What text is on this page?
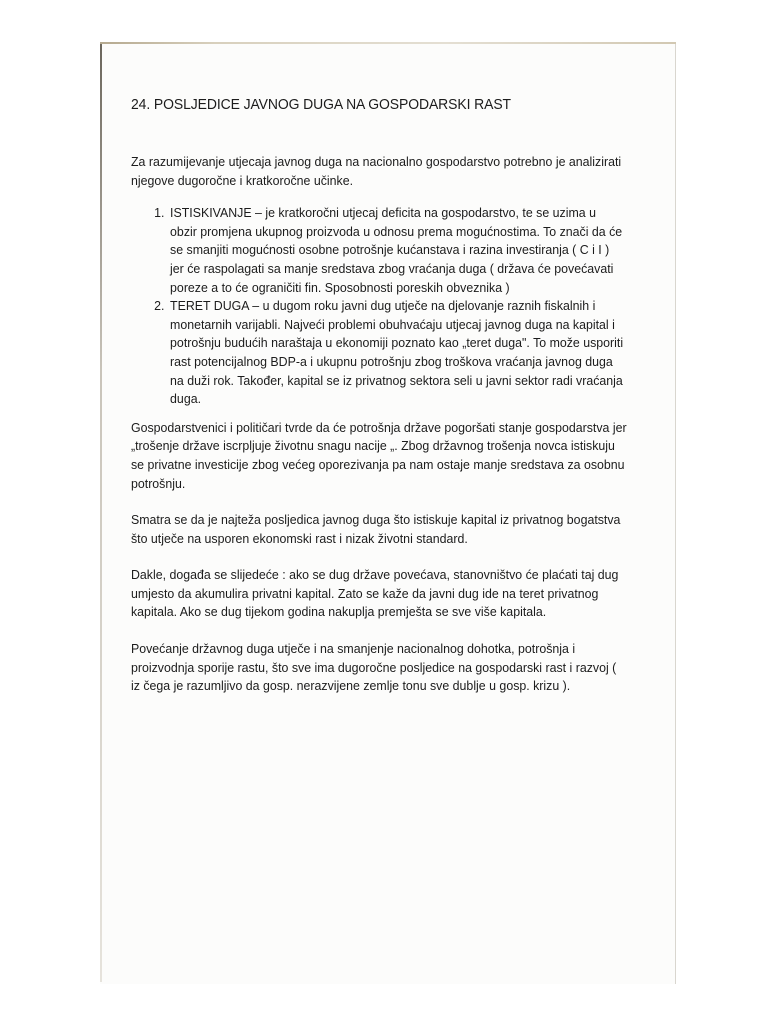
24. POSLJEDICE JAVNOG DUGA NA GOSPODARSKI RAST

Za razumijevanje utjecaja javnog duga na nacionalno gospodarstvo potrebno je analizirati njegove dugoročne i kratkoročne učinke.

1. ISTISKIVANJE – je kratkoročni utjecaj deficita na gospodarstvo, te se uzima u obzir promjena ukupnog proizvoda u odnosu prema mogućnostima. To znači da će se smanjiti mogućnosti osobne potrošnje kućanstava i razina investiranja ( C i I ) jer će raspolagati sa manje sredstava zbog vraćanja duga ( država će povećavati poreze a to će ograničiti fin. Sposobnosti poreskih obveznika )
2. TERET DUGA – u dugom roku javni dug utječe na djelovanje raznih fiskalnih i monetarnih varijabli. Najveći problemi obuhvaćaju utjecaj javnog duga na kapital i potrošnju budućih naraštaja u ekonomiji poznato kao „teret duga". To može usporiti rast potencijalnog BDP-a i ukupnu potrošnju zbog troškova vraćanja javnog duga na duži rok. Također, kapital se iz privatnog sektora seli u javni sektor radi vraćanja duga.

Gospodarstvenici i političari tvrde da će potrošnja države pogoršati stanje gospodarstva jer „trošenje države iscrpljuje životnu snagu nacije „. Zbog državnog trošenja novca istiskuju se privatne investicije zbog većeg oporezivanja pa nam ostaje manje sredstava za osobnu potrošnju.

Smatra se da je najteža posljedica javnog duga što istiskuje kapital iz privatnog bogatstva što utječe na usporen ekonomski rast i nizak životni standard.

Dakle, događa se slijedeće : ako se dug države povećava, stanovništvo će plaćati taj dug umjesto da akumulira privatni kapital. Zato se kaže da javni dug ide na teret privatnog kapitala. Ako se dug tijekom godina nakuplja premješta se sve više kapitala.

Povećanje državnog duga utječe i na smanjenje nacionalnog dohotka, potrošnja i proizvodnja sporije rastu, što sve ima dugoročne posljedice na gospodarski rast i razvoj ( iz čega je razumljivo da gosp. nerazvijene zemlje tonu sve dublje u gosp. krizu ).
